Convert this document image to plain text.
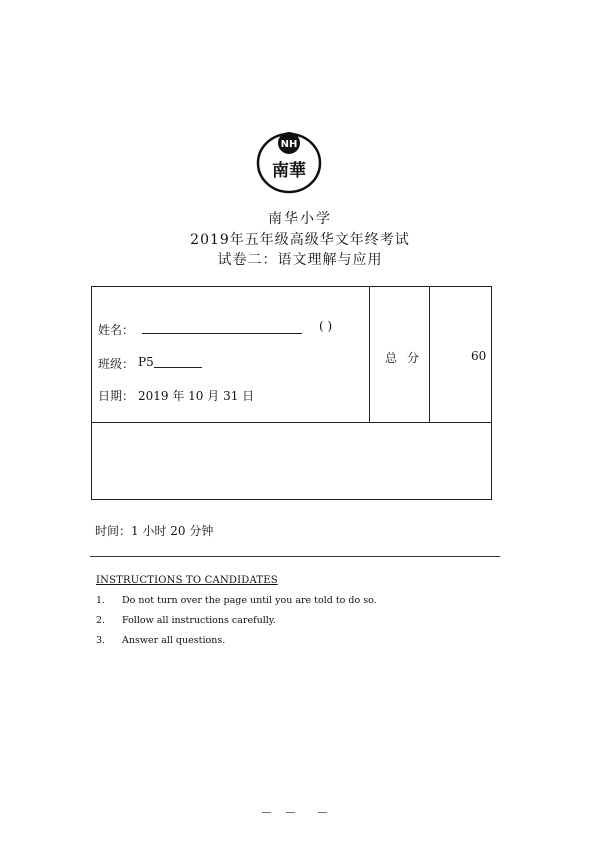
NH
南華
南华小学
2019年五年级高级华文年终考试
试卷二：语文理解与应用
姓名：	( )
班级： P5
日期： 2019 年 10 月 31 日
总分	60
时间：1 小时 20 分钟
INSTRUCTIONS TO CANDIDATES
1. Do not turn over the page until you are told to do so.
2. Follow all instructions carefully.
3. Answer all questions.
